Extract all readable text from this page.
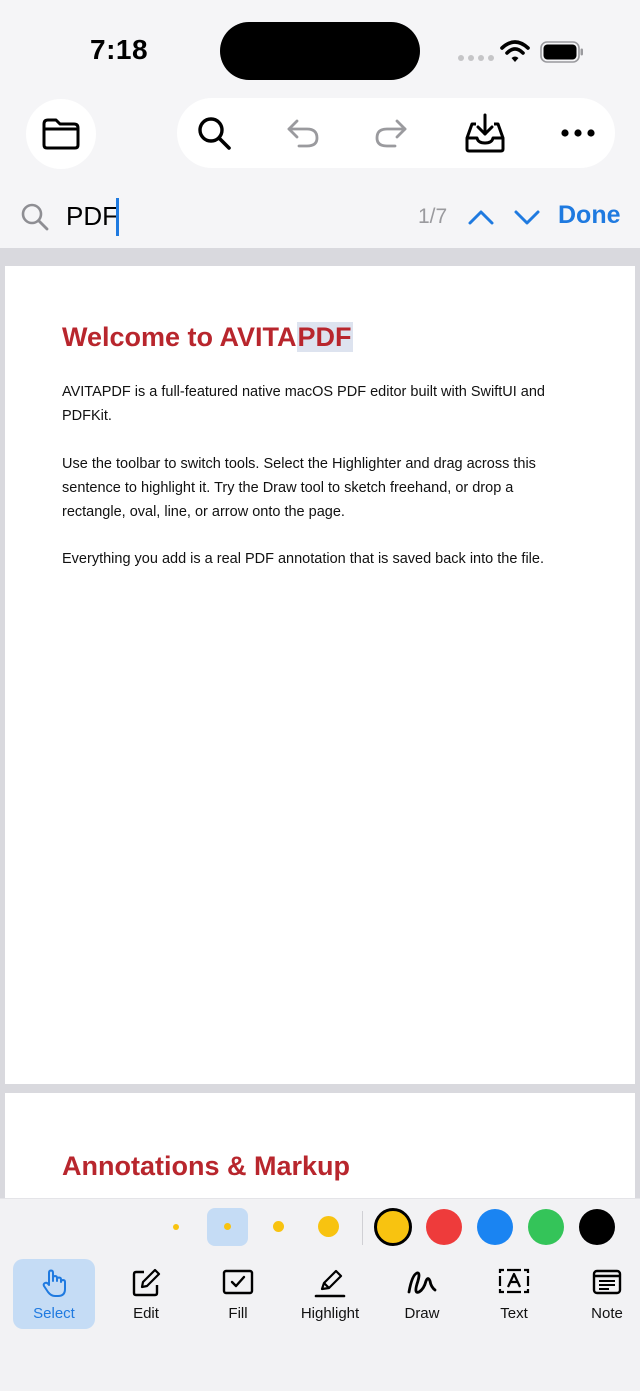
7:18
PDF
1/7	Done
Welcome to AVITAPDF
AVITAPDF is a full-featured native macOS PDF editor built with SwiftUI and PDFKit.
Use the toolbar to switch tools. Select the Highlighter and drag across this sentence to highlight it. Try the Draw tool to sketch freehand, or drop a rectangle, oval, line, or arrow onto the page.
Everything you add is a real PDF annotation that is saved back into the file.
Annotations & Markup
Select	Edit	Fill	Highlight	Draw	Text	Note
